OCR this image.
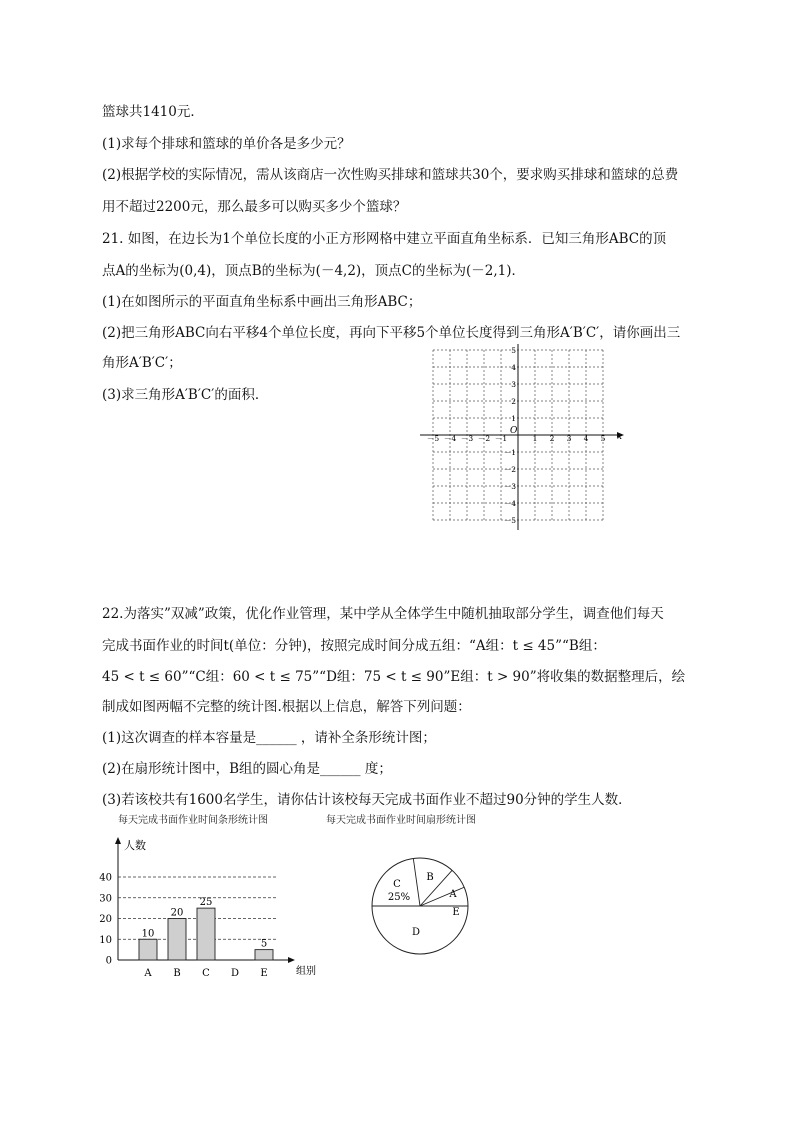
篮球共1410元．
(1)求每个排球和篮球的单价各是多少元？
(2)根据学校的实际情况，需从该商店一次性购买排球和篮球共30个，要求购买排球和篮球的总费
用不超过2200元，那么最多可以购买多少个篮球？
21. 如图，在边长为1个单位长度的小正方形网格中建立平面直角坐标系．已知三角形ABC的顶
点A的坐标为(0,4)，顶点B的坐标为(－4,2)，顶点C的坐标为(－2,1)．
(1)在如图所示的平面直角坐标系中画出三角形ABC；
(2)把三角形ABC向右平移4个单位长度，再向下平移5个单位长度得到三角形A′B′C′，请你画出三
角形A′B′C′；
(3)求三角形A′B′C′的面积．
x
O
－5 －4 －3 －2 －1	1 2 3 4 5
5
4
3
2
1
－1
－2
－3
－4
－5
22.为落实”双减”政策，优化作业管理，某中学从全体学生中随机抽取部分学生，调查他们每天
完成书面作业的时间t(单位：分钟)，按照完成时间分成五组：“A组：t ≤ 45”“B组：
45 < t ≤ 60”“C组：60 < t ≤ 75”“D组：75 < t ≤ 90”E组：t > 90”将收集的数据整理后，绘
制成如图两幅不完整的统计图.根据以上信息，解答下列问题：
(1)这次调查的样本容量是______ ，请补全条形统计图；
(2)在扇形统计图中，B组的圆心角是______ 度；
(3)若该校共有1600名学生，请你估计该校每天完成书面作业不超过90分钟的学生人数．
每天完成书面作业时间条形统计图	每天完成书面作业时间扇形统计图
人数
组别
0
10
20
30
40
A
10
B
20
C
25
D E
5
B
A
E
D
C
25%
